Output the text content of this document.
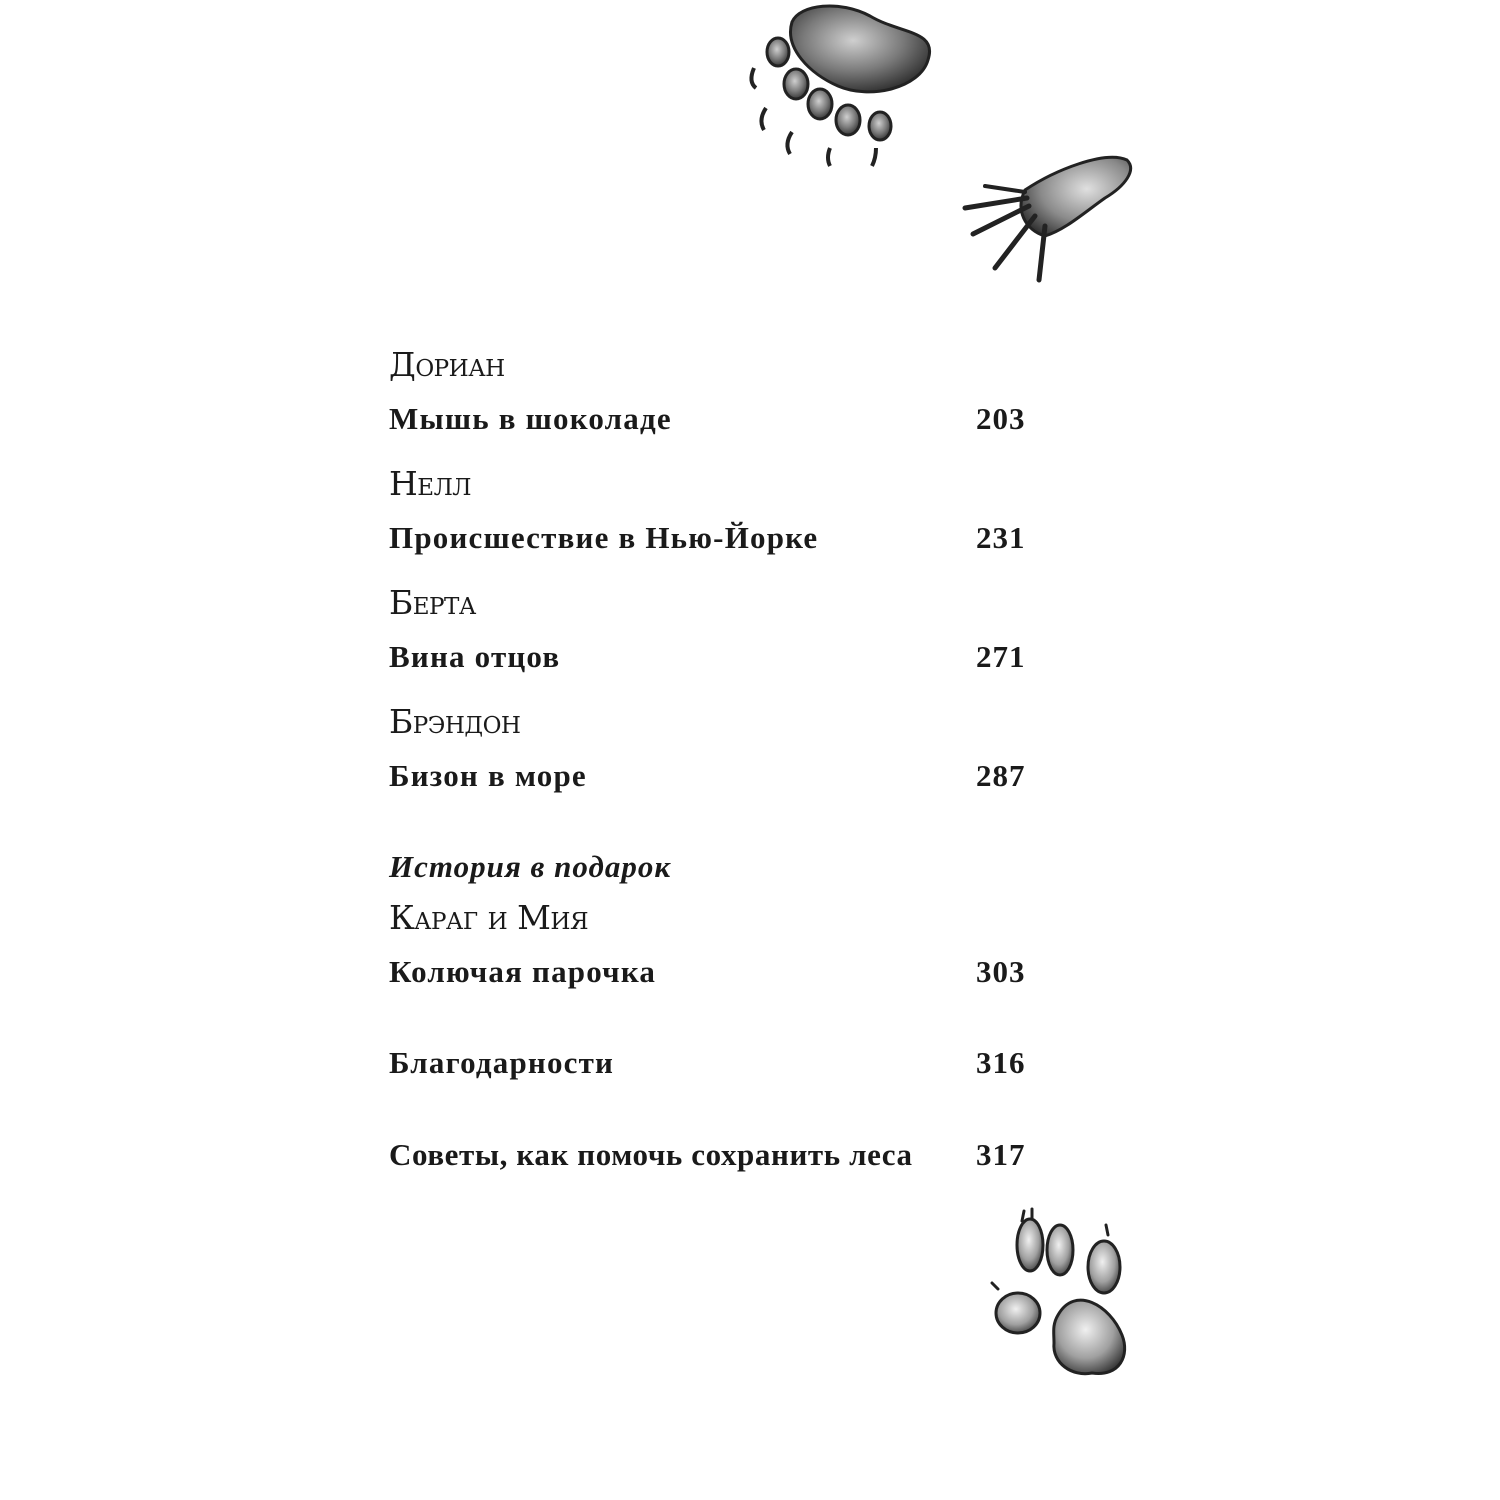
Дориан
Мышь в шоколаде	203
Нелл
Происшествие в Нью-Йорке	231
Берта
Вина отцов	271
Брэндон
Бизон в море	287
История в подарок
Караг и Мия
Колючая парочка	303
Благодарности	316
Советы, как помочь сохранить леса 317
